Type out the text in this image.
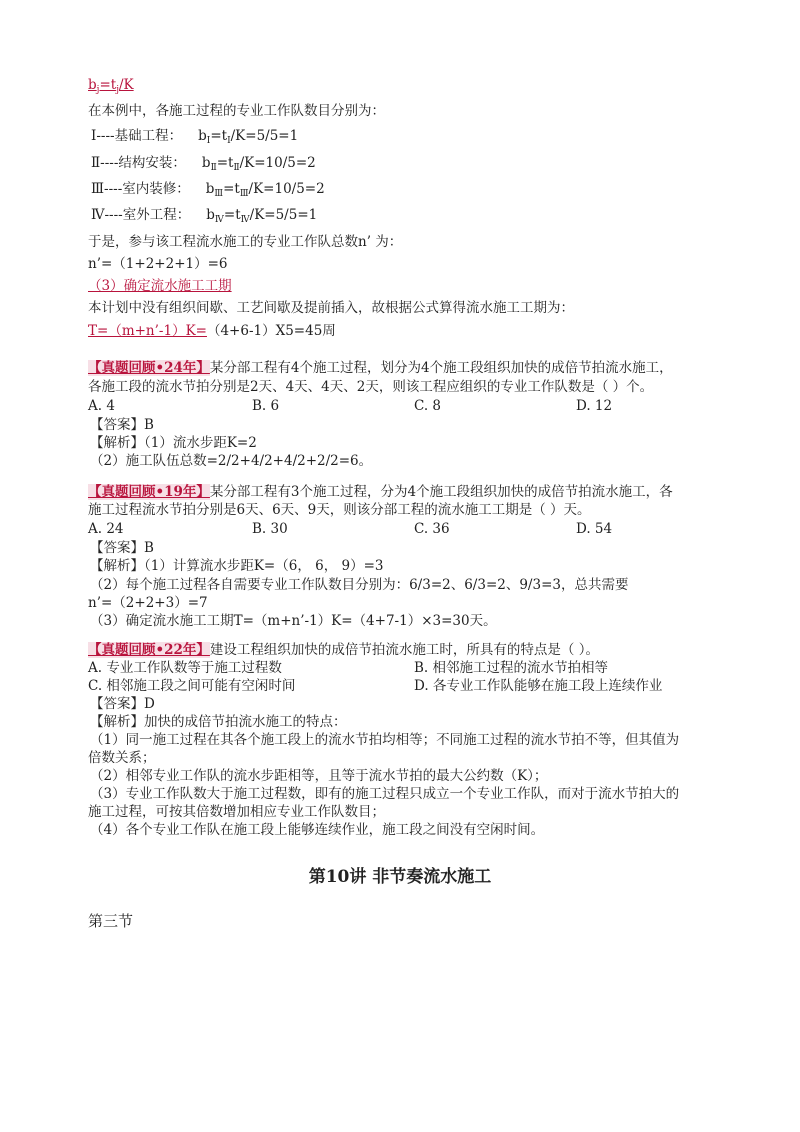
$b_j=t_j/K$
在本例中，各施工过程的专业工作队数目分别为：
Ⅰ----基础工程： $b_Ⅰ=t_Ⅰ/K=5/5=1$
Ⅱ----结构安装： $b_Ⅱ=t_Ⅱ/K=10/5=2$
Ⅲ----室内装修： $b_Ⅲ=t_Ⅲ/K=10/5=2$
Ⅳ----室外工程： $b_Ⅳ=t_Ⅳ/K=5/5=1$
于是，参与该工程流水施工的专业工作队总数n’ 为：
n’=（1+2+2+1）=6
（3）确定流水施工工期
本计划中没有组织间歇、工艺间歇及提前插入，故根据公式算得流水施工工期为：
T=（m+n’-1）K=（4+6-1）X5=45周
【真题回顾•24年】某分部工程有4个施工过程，划分为4个施工段组织加快的成倍节拍流水施工，
各施工段的流水节拍分别是2天、4天、4天、2天，则该工程应组织的专业工作队数是（ ）个。
A. 4	B. 6	C. 8	D. 12
【答案】B
【解析】（1）流水步距K=2
（2）施工队伍总数=2/2+4/2+4/2+2/2=6。
【真题回顾•19年】某分部工程有3个施工过程，分为4个施工段组织加快的成倍节拍流水施工，各
施工过程流水节拍分别是6天、6天、9天，则该分部工程的流水施工工期是（ ）天。
A. 24	B. 30	C. 36	D. 54
【答案】B
【解析】（1）计算流水步距K=（6， 6， 9）=3
（2）每个施工过程各自需要专业工作队数目分别为：6/3=2、6/3=2、9/3=3，总共需要
n’=（2+2+3）=7
（3）确定流水施工工期T=（m+n’-1）K=（4+7-1）×3=30天。
【真题回顾•22年】建设工程组织加快的成倍节拍流水施工时，所具有的特点是（ ）。
A. 专业工作队数等于施工过程数	B. 相邻施工过程的流水节拍相等
C. 相邻施工段之间可能有空闲时间	D. 各专业工作队能够在施工段上连续作业
【答案】D
【解析】加快的成倍节拍流水施工的特点：
（1）同一施工过程在其各个施工段上的流水节拍均相等；不同施工过程的流水节拍不等，但其值为
倍数关系；
（2）相邻专业工作队的流水步距相等，且等于流水节拍的最大公约数（K）；
（3）专业工作队数大于施工过程数，即有的施工过程只成立一个专业工作队，而对于流水节拍大的
施工过程，可按其倍数增加相应专业工作队数目；
（4）各个专业工作队在施工段上能够连续作业，施工段之间没有空闲时间。
第10讲 非节奏流水施工
第三节
